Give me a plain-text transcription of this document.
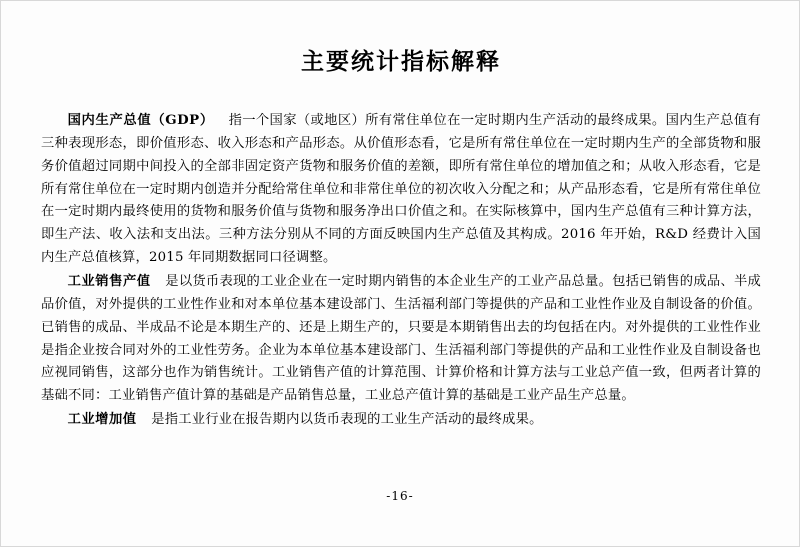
主要统计指标解释

国内生产总值（GDP） 指一个国家（或地区）所有常住单位在一定时期内生产活动的最终成果。国内生产总值有三种表现形态，即价值形态、收入形态和产品形态。从价值形态看，它是所有常住单位在一定时期内生产的全部货物和服务价值超过同期中间投入的全部非固定资产货物和服务价值的差额，即所有常住单位的增加值之和；从收入形态看，它是所有常住单位在一定时期内创造并分配给常住单位和非常住单位的初次收入分配之和；从产品形态看，它是所有常住单位在一定时期内最终使用的货物和服务价值与货物和服务净出口价值之和。在实际核算中，国内生产总值有三种计算方法，即生产法、收入法和支出法。三种方法分别从不同的方面反映国内生产总值及其构成。2016 年开始，R&D 经费计入国内生产总值核算，2015 年同期数据同口径调整。

工业销售产值 是以货币表现的工业企业在一定时期内销售的本企业生产的工业产品总量。包括已销售的成品、半成品价值，对外提供的工业性作业和对本单位基本建设部门、生活福利部门等提供的产品和工业性作业及自制设备的价值。已销售的成品、半成品不论是本期生产的、还是上期生产的，只要是本期销售出去的均包括在内。对外提供的工业性作业是指企业按合同对外的工业性劳务。企业为本单位基本建设部门、生活福利部门等提供的产品和工业性作业及自制设备也应视同销售，这部分也作为销售统计。工业销售产值的计算范围、计算价格和计算方法与工业总产值一致，但两者计算的基础不同：工业销售产值计算的基础是产品销售总量，工业总产值计算的基础是工业产品生产总量。

工业增加值 是指工业行业在报告期内以货币表现的工业生产活动的最终成果。

-16-
